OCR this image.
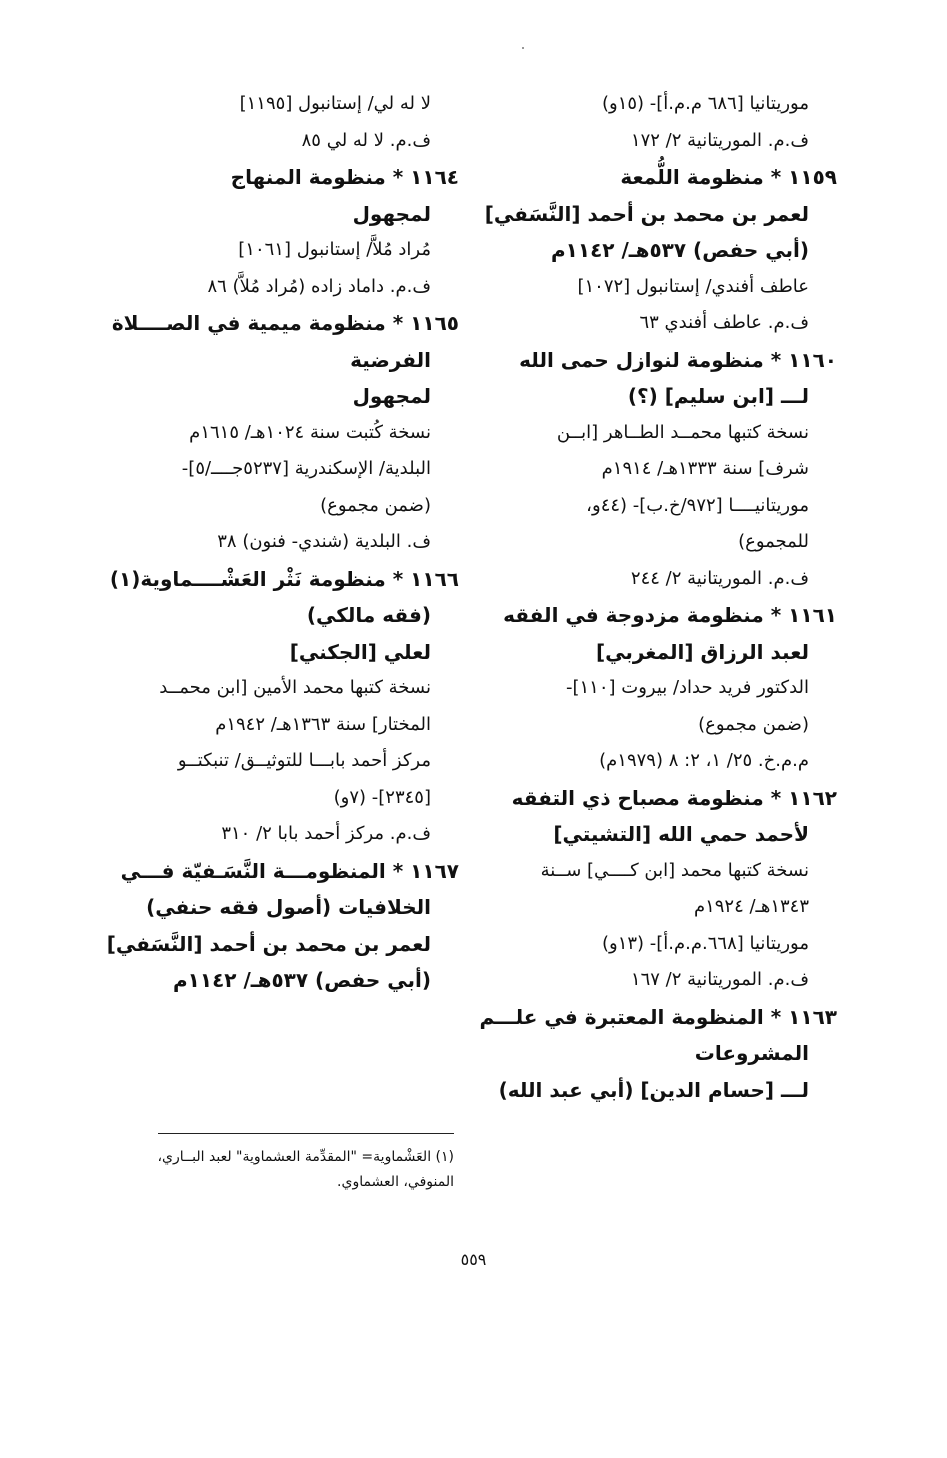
موريتانيا [٦٨٦ م.م.أ]- (١٥و)
ف.م. الموريتانية ٢/ ١٧٢
١١٥٩ * منظومة اللُّمعة
لعمر بن محمد بن أحمد [النَّسَفي]
(أبي حفص) ٥٣٧هـ/ ١١٤٢م
عاطف أفندي/ إستانبول [١٠٧٢]
ف.م. عاطف أفندي ٦٣
١١٦٠ * منظومة لنوازل حمى الله
لـــ [ابن سليم] (؟)
نسخة كتبها محمــد الطــاهر [ابــن
شرف] سنة ١٣٣٣هـ/ ١٩١٤م
موريتانيــــا [٩٧٢/خ.ب]- (٤٤و،
للمجموع)
ف.م. الموريتانية ٢/ ٢٤٤
١١٦١ * منظومة مزدوجة في الفقه
لعبد الرزاق [المغربي]
الدكتور فريد حداد/ بيروت [١١٠]-
(ضمن مجموع)
م.م.خ. ٢٥/ ١، ٢: ٨ (١٩٧٩م)
١١٦٢ * منظومة مصباح ذي التفقه
لأحمد حمي الله [التشيتي]
نسخة كتبها محمد [ابن كــــي] ســنة
١٣٤٣هـ/ ١٩٢٤م
موريتانيا [٦٦٨.م.م.أ]- (١٣و)
ف.م. الموريتانية ٢/ ١٦٧
١١٦٣ * المنظومة المعتبرة في علـــم
المشروعات
لـــ [حسام الدين] (أبي عبد الله)
لا له لي/ إستانبول [١١٩٥]
ف.م. لا له لي ٨٥
١١٦٤ * منظومة المنهاج
لمجهول
مُراد مُلاَّ/ إستانبول [١٠٦١]
ف.م. داماد زاده (مُراد مُلاَّ) ٨٦
١١٦٥ * منظومة ميمية في الصــــلاة
الفرضية
لمجهول
نسخة كُتبت سنة ١٠٢٤هـ/ ١٦١٥م
البلدية/ الإسكندرية [٥٢٣٧جــــ/٥]-
(ضمن مجموع)
ف. البلدية (شندي- فنون) ٣٨
١١٦٦ * منظومة نَثْر العَشْــــماوية(١)
(فقه مالكي)
لعلي [الجكني]
نسخة كتبها محمد الأمين [ابن محمــد
المختار] سنة ١٣٦٣هـ/ ١٩٤٢م
مركز أحمد بابـــا للتوثيــق/ تنبكتــو
[٢٣٤٥]- (٧و)
ف.م. مركز أحمد بابا ٢/ ٣١٠
١١٦٧ * المنظومـــة النَّسَـفيّة فـــي
الخلافيات (أصول فقه حنفي)
لعمر بن محمد بن أحمد [النَّسَفي]
(أبي حفص) ٥٣٧هـ/ ١١٤٢م
(١) العَشْماوية= "المقدِّمة العشماوية" لعبد البــاري،
المنوفي، العشماوي.
٥٥٩
